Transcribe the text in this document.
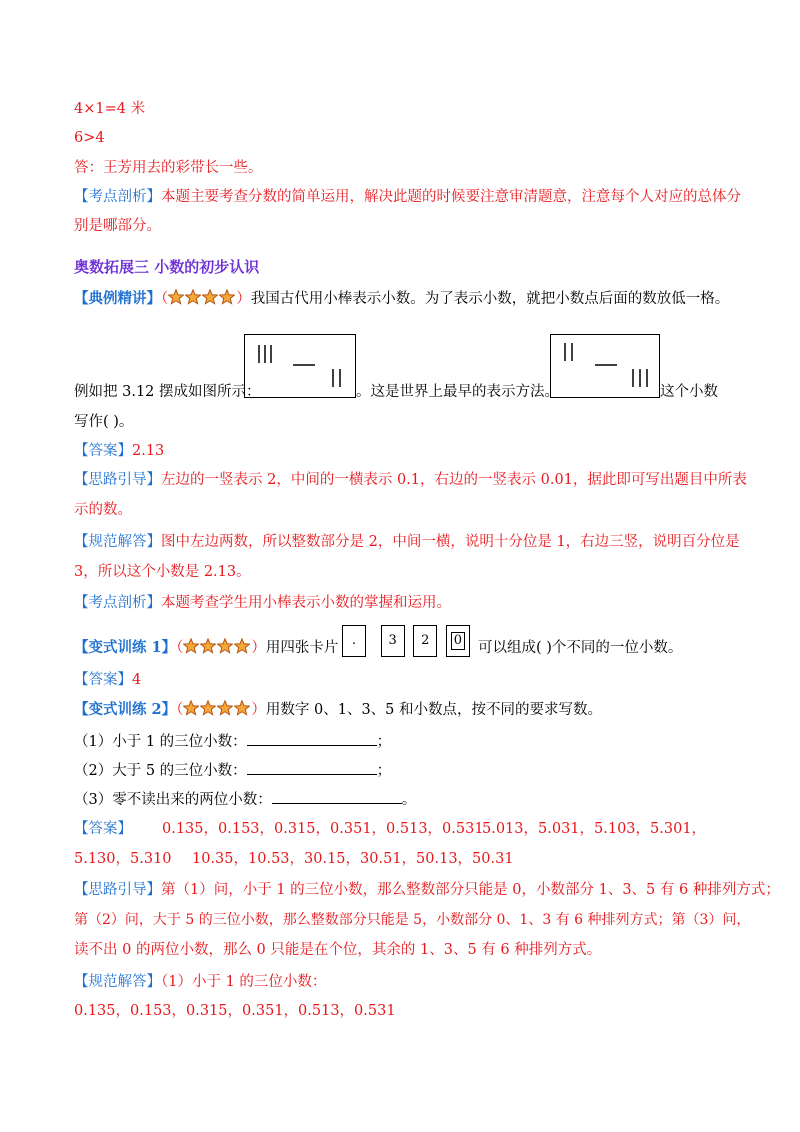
4×1=4 米
6>4
答：王芳用去的彩带长一些。
【考点剖析】本题主要考查分数的简单运用，解决此题的时候要注意审清题意，注意每个人对应的总体分
别是哪部分。
奥数拓展三 小数的初步认识
【典例精讲】（	）我国古代用小棒表示小数。为了表示小数，就把小数点后面的数放低一格。
例如把 3.12 摆成如图所示：	。这是世界上最早的表示方法。	这个小数
写作( )。
【答案】2.13
【思路引导】左边的一竖表示 2，中间的一横表示 0.1，右边的一竖表示 0.01，据此即可写出题目中所表
示的数。
【规范解答】图中左边两数，所以整数部分是 2，中间一横，说明十分位是 1，右边三竖，说明百分位是
3，所以这个小数是 2.13。
【考点剖析】本题考查学生用小棒表示小数的掌握和运用。
【变式训练 1】（	）用四张卡片	. 3 2 0	可以组成( )个不同的一位小数。
【答案】4
【变式训练 2】（	）用数字 0、1、3、5 和小数点，按不同的要求写数。
（1）小于 1 的三位小数：	；
（2）大于 5 的三位小数：	；
（3）零不读出来的两位小数：	。
【答案】 0.135，0.153，0.315，0.351，0.513，0.531
5.013，5.031，5.103，5.301，
5.130，5.310 10.35，10.53，30.15，30.51，50.13，50.31
【思路引导】第（1）问，小于 1 的三位小数，那么整数部分只能是 0，小数部分 1、3、5 有 6 种排列方式；
第（2）问，大于 5 的三位小数，那么整数部分只能是 5，小数部分 0、1、3 有 6 种排列方式；第（3）问，
读不出 0 的两位小数，那么 0 只能是在个位，其余的 1、3、5 有 6 种排列方式。
【规范解答】（1）小于 1 的三位小数：
0.135，0.153，0.315，0.351，0.513，0.531
